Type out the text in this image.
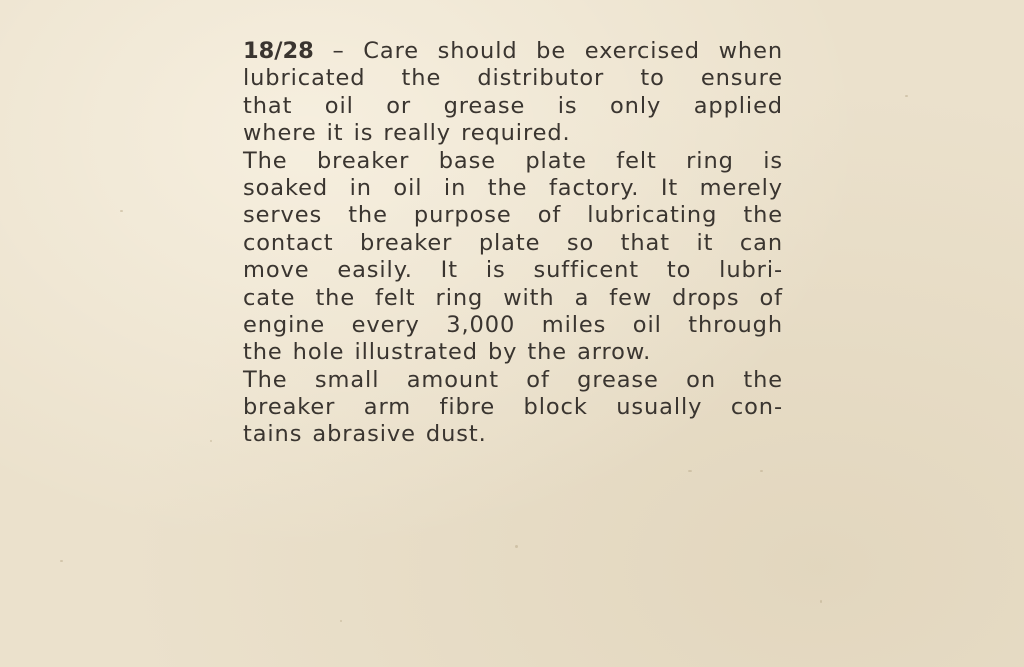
18/28 – Care should be exercised when
lubricated the distributor to ensure
that oil or grease is only applied
where it is really required.
The breaker base plate felt ring is
soaked in oil in the factory. It merely
serves the purpose of lubricating the
contact breaker plate so that it can
move easily. It is sufficent to lubri-
cate the felt ring with a few drops of
engine every 3,000 miles oil through
the hole illustrated by the arrow.
The small amount of grease on the
breaker arm fibre block usually con-
tains abrasive dust.
